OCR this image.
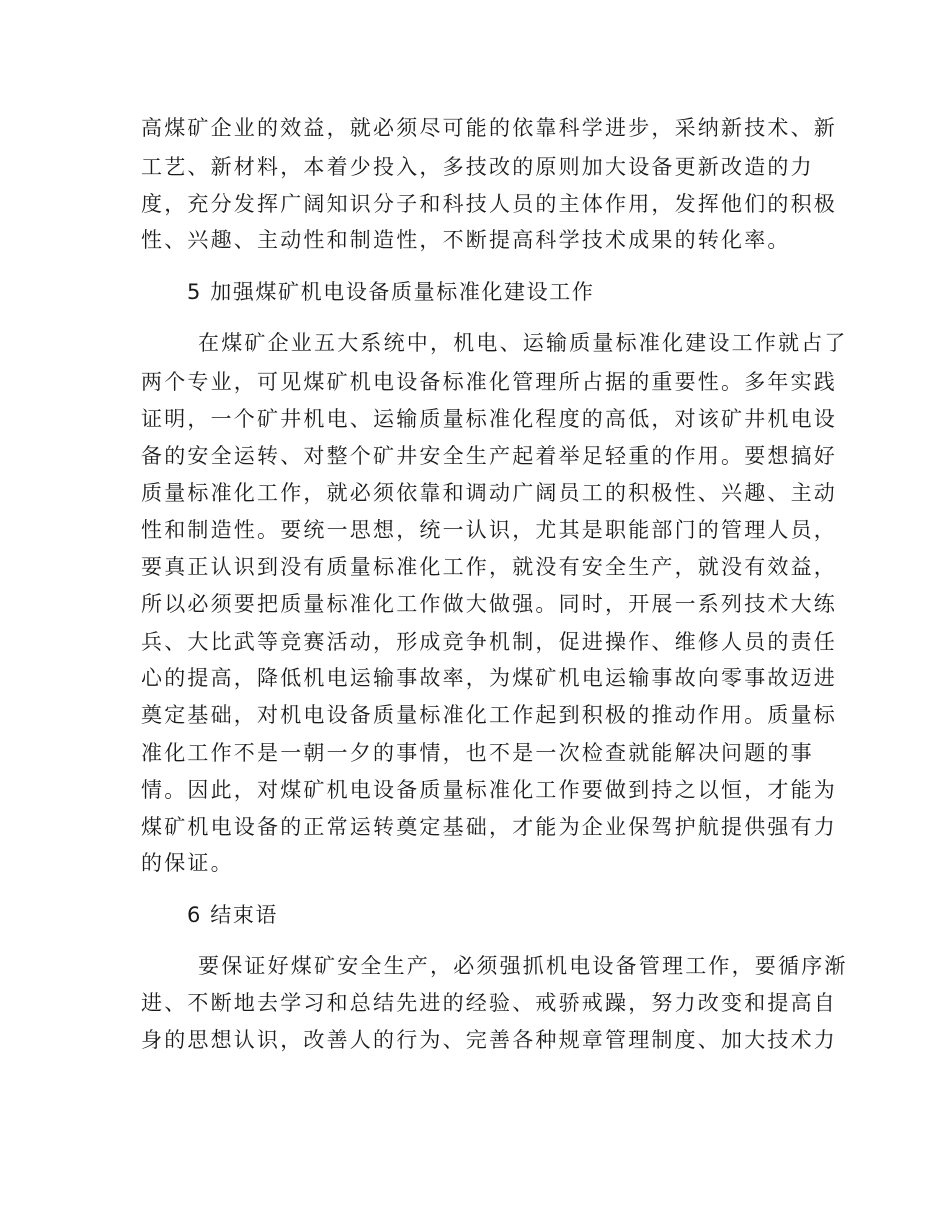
高煤矿企业的效益，就必须尽可能的依靠科学进步，采纳新技术、新
工艺、新材料，本着少投入，多技改的原则加大设备更新改造的力
度，充分发挥广阔知识分子和科技人员的主体作用，发挥他们的积极
性、兴趣、主动性和制造性，不断提高科学技术成果的转化率。
5 加强煤矿机电设备质量标准化建设工作
在煤矿企业五大系统中，机电、运输质量标准化建设工作就占了
两个专业，可见煤矿机电设备标准化管理所占据的重要性。多年实践
证明，一个矿井机电、运输质量标准化程度的高低，对该矿井机电设
备的安全运转、对整个矿井安全生产起着举足轻重的作用。要想搞好
质量标准化工作，就必须依靠和调动广阔员工的积极性、兴趣、主动
性和制造性。要统一思想，统一认识，尤其是职能部门的管理人员，
要真正认识到没有质量标准化工作，就没有安全生产，就没有效益，
所以必须要把质量标准化工作做大做强。同时，开展一系列技术大练
兵、大比武等竞赛活动，形成竞争机制，促进操作、维修人员的责任
心的提高，降低机电运输事故率，为煤矿机电运输事故向零事故迈进
奠定基础，对机电设备质量标准化工作起到积极的推动作用。质量标
准化工作不是一朝一夕的事情，也不是一次检查就能解决问题的事
情。因此，对煤矿机电设备质量标准化工作要做到持之以恒，才能为
煤矿机电设备的正常运转奠定基础，才能为企业保驾护航提供强有力
的保证。
6 结束语
要保证好煤矿安全生产，必须强抓机电设备管理工作，要循序渐
进、不断地去学习和总结先进的经验、戒骄戒躁，努力改变和提高自
身的思想认识，改善人的行为、完善各种规章管理制度、加大技术力
